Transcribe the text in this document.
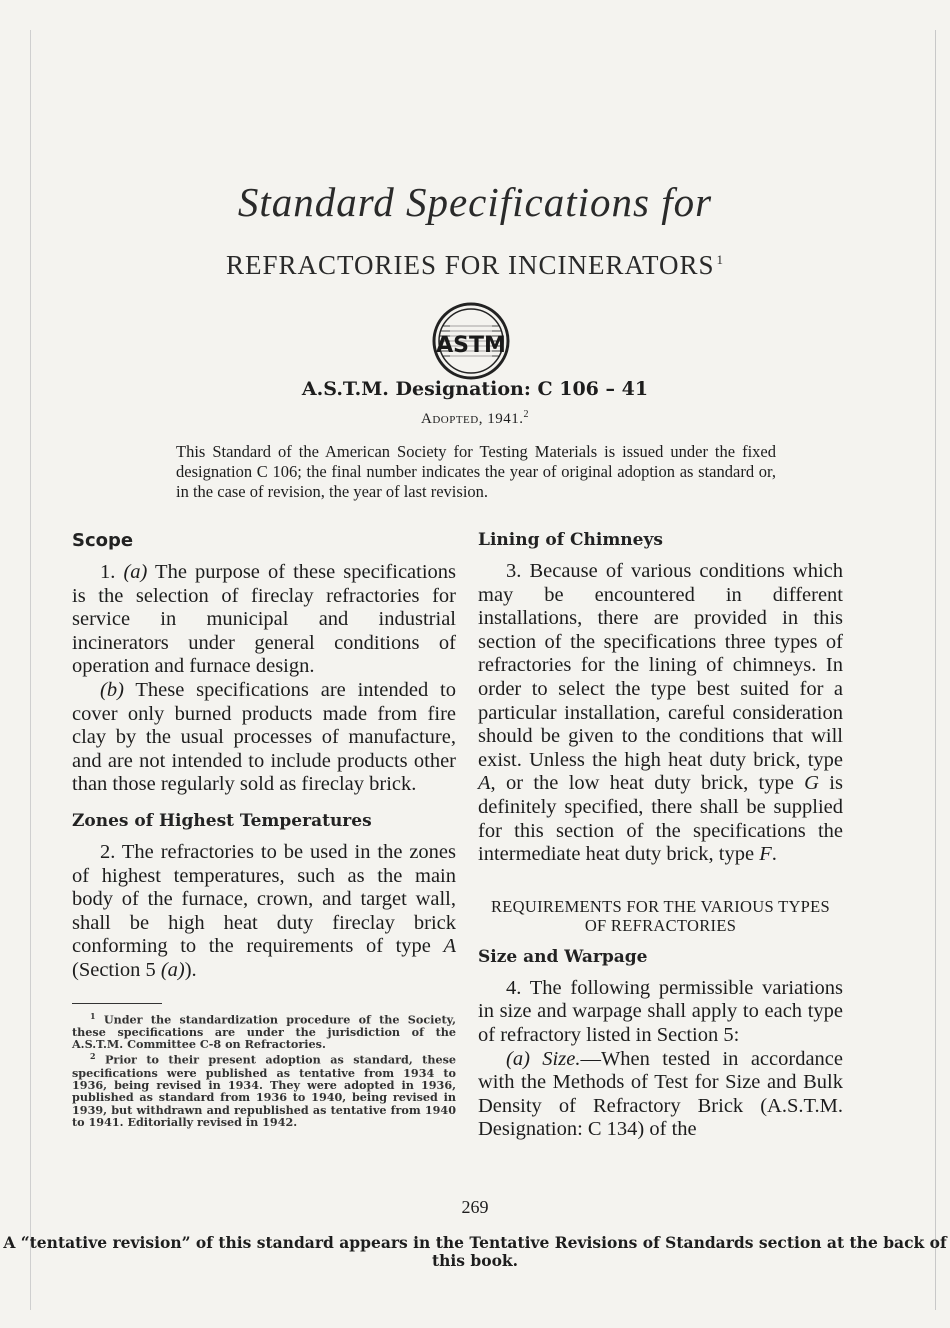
Standard Specifications for
REFRACTORIES FOR INCINERATORS $^1$
ASTM
A.S.T.M. Designation: C 106 – 41
Adopted, 1941.$^2$
This Standard of the American Society for Testing Materials is issued under the fixed designation C 106; the final number indicates the year of original adoption as standard or, in the case of revision, the year of last revision.
Scope

1. (a) The purpose of these specifications is the selection of fireclay refractories for service in municipal and industrial incinerators under general conditions of operation and furnace design.

(b) These specifications are intended to cover only burned products made from fire clay by the usual processes of manufacture, and are not intended to include products other than those regularly sold as fireclay brick.

Zones of Highest Temperatures

2. The refractories to be used in the zones of highest temperatures, such as the main body of the furnace, crown, and target wall, shall be high heat duty fireclay brick conforming to the requirements of type A (Section 5 (a)).

$^1$ Under the standardization procedure of the Society, these specifications are under the jurisdiction of the A.S.T.M. Committee C-8 on Refractories.

$^2$ Prior to their present adoption as standard, these specifications were published as tentative from 1934 to 1936, being revised in 1934. They were adopted in 1936, published as standard from 1936 to 1940, being revised in 1939, but withdrawn and republished as tentative from 1940 to 1941. Editorially revised in 1942.

Lining of Chimneys

3. Because of various conditions which may be encountered in different installations, there are provided in this section of the specifications three types of refractories for the lining of chimneys. In order to select the type best suited for a particular installation, careful consideration should be given to the conditions that will exist. Unless the high heat duty brick, type A, or the low heat duty brick, type G is definitely specified, there shall be supplied for this section of the specifications the intermediate heat duty brick, type F.

REQUIREMENTS FOR THE VARIOUS TYPES OF REFRACTORIES
Size and Warpage

4. The following permissible variations in size and warpage shall apply to each type of refractory listed in Section 5:

(a) Size.—When tested in accordance with the Methods of Test for Size and Bulk Density of Refractory Brick (A.S.T.M. Designation: C 134) of the

269
A “tentative revision” of this standard appears in the Tentative Revisions of Standards section at the back of this book.
